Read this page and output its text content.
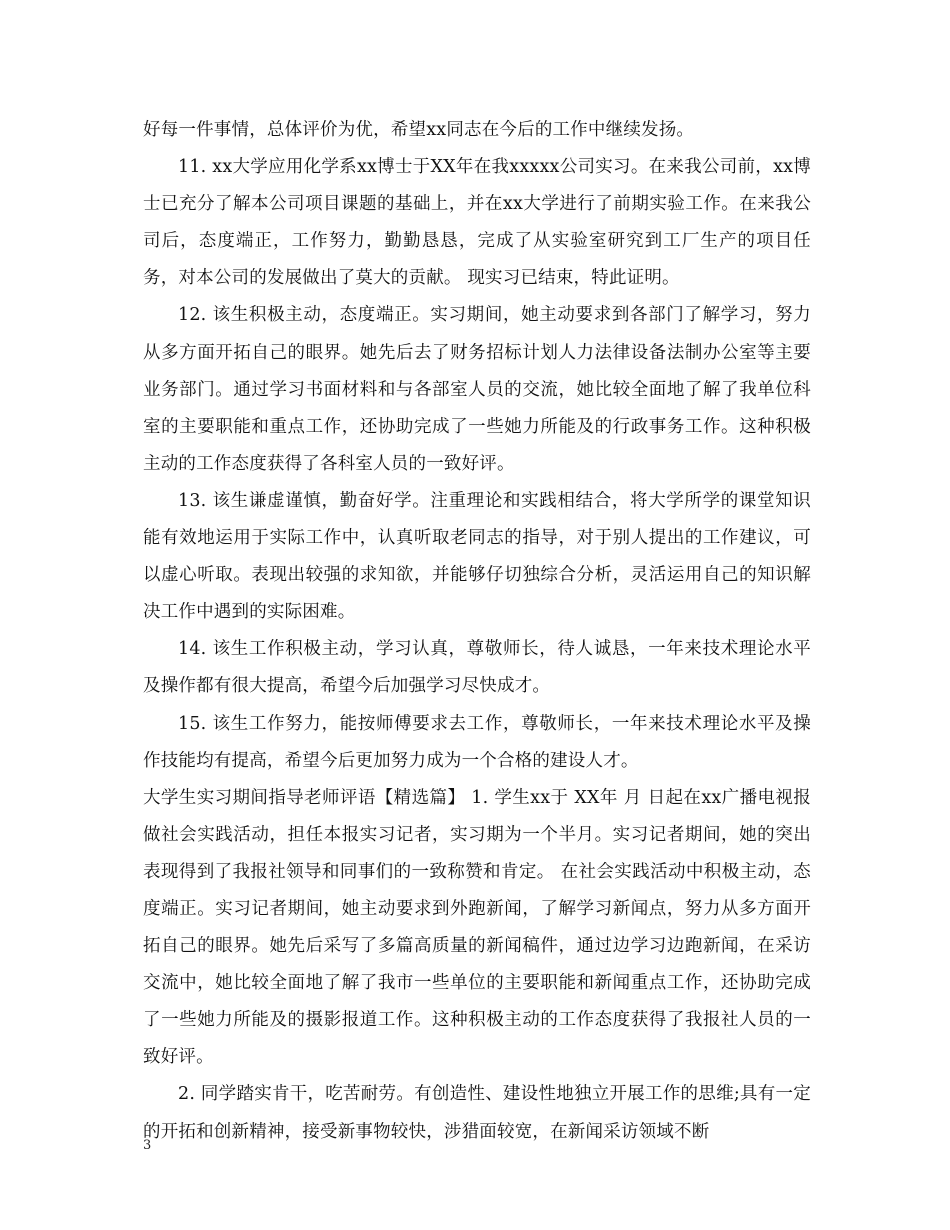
好每一件事情，总体评价为优，希望xx同志在今后的工作中继续发扬。

11. xx大学应用化学系xx博士于XX年在我xxxxx公司实习。在来我公司前，xx博士已充分了解本公司项目课题的基础上，并在xx大学进行了前期实验工作。在来我公司后，态度端正，工作努力，勤勤恳恳，完成了从实验室研究到工厂生产的项目任务，对本公司的发展做出了莫大的贡献。 现实习已结束，特此证明。

12. 该生积极主动，态度端正。实习期间，她主动要求到各部门了解学习，努力从多方面开拓自己的眼界。她先后去了财务招标计划人力法律设备法制办公室等主要业务部门。通过学习书面材料和与各部室人员的交流，她比较全面地了解了我单位科室的主要职能和重点工作，还协助完成了一些她力所能及的行政事务工作。这种积极主动的工作态度获得了各科室人员的一致好评。

13. 该生谦虚谨慎，勤奋好学。注重理论和实践相结合，将大学所学的课堂知识能有效地运用于实际工作中，认真听取老同志的指导，对于别人提出的工作建议，可以虚心听取。表现出较强的求知欲，并能够仔切独综合分析，灵活运用自己的知识解决工作中遇到的实际困难。

14. 该生工作积极主动，学习认真，尊敬师长，待人诚恳，一年来技术理论水平及操作都有很大提高，希望今后加强学习尽快成才。

15. 该生工作努力，能按师傅要求去工作，尊敬师长，一年来技术理论水平及操作技能均有提高，希望今后更加努力成为一个合格的建设人才。

大学生实习期间指导老师评语【精选篇】 1. 学生xx于 XX年 月 日起在xx广播电视报做社会实践活动，担任本报实习记者，实习期为一个半月。实习记者期间，她的突出表现得到了我报社领导和同事们的一致称赞和肯定。 在社会实践活动中积极主动，态度端正。实习记者期间，她主动要求到外跑新闻，了解学习新闻点，努力从多方面开拓自己的眼界。她先后采写了多篇高质量的新闻稿件，通过边学习边跑新闻，在采访交流中，她比较全面地了解了我市一些单位的主要职能和新闻重点工作，还协助完成了一些她力所能及的摄影报道工作。这种积极主动的工作态度获得了我报社人员的一致好评。

2. 同学踏实肯干，吃苦耐劳。有创造性、建设性地独立开展工作的思维;具有一定的开拓和创新精神，接受新事物较快，涉猎面较宽，在新闻采访领域不断

3
